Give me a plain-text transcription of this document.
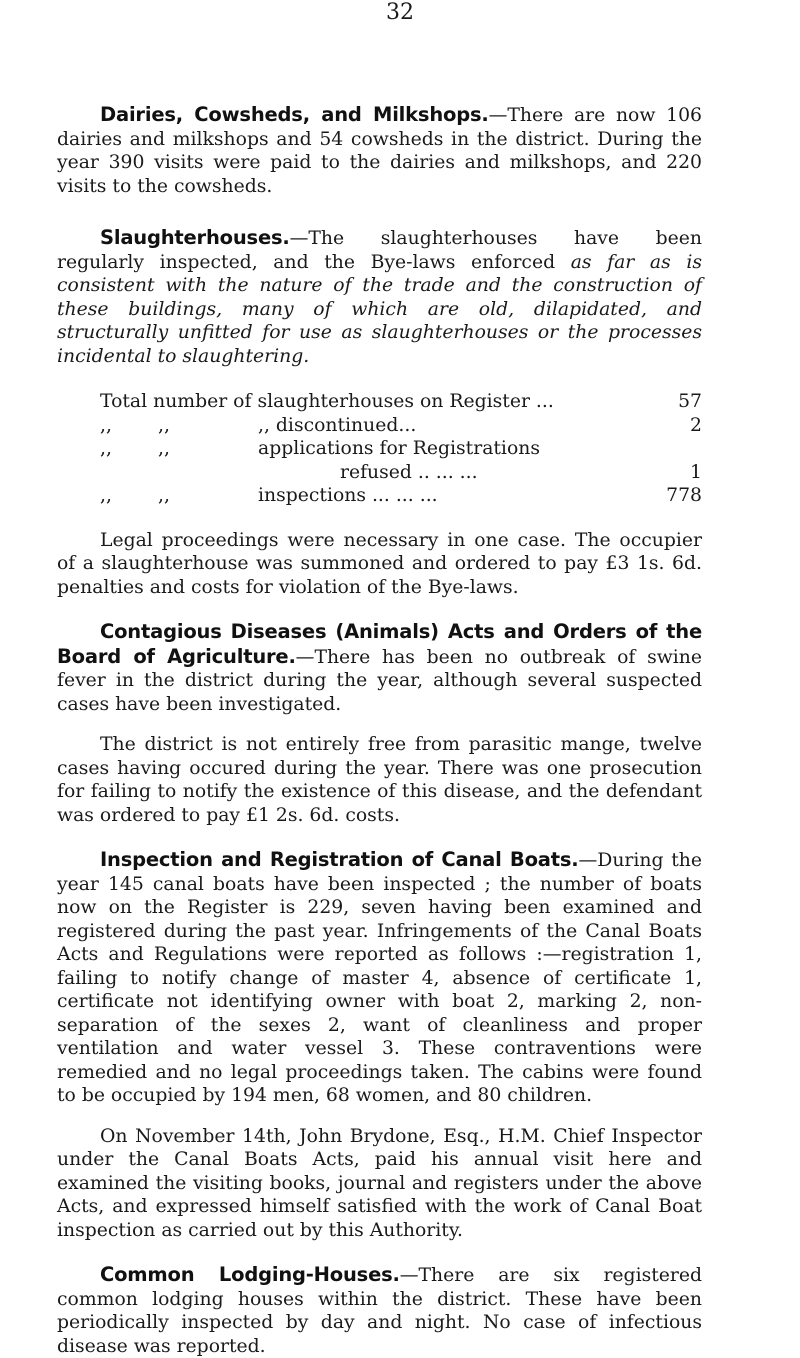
32

Dairies, Cowsheds, and Milkshops.—There are now 106 dairies and milkshops and 54 cowsheds in the district. During the year 390 visits were paid to the dairies and milkshops, and 220 visits to the cowsheds.

Slaughterhouses.—The slaughterhouses have been regularly inspected, and the Bye-laws enforced as far as is consistent with the nature of the trade and the construction of these buildings, many of which are old, dilapidated, and structurally unfitted for use as slaughterhouses or the processes incidental to slaughtering.

Total number of slaughterhouses on Register ...			57
,,	,,	,, discontinued...	2
,,	,,	applications for Registrations	
		refused .. ... ...	1
,,	,,	inspections ... ... ...	778

Legal proceedings were necessary in one case. The occupier of a slaughterhouse was summoned and ordered to pay £3 1s. 6d. penalties and costs for violation of the Bye-laws.

Contagious Diseases (Animals) Acts and Orders of the Board of Agriculture.—There has been no outbreak of swine fever in the district during the year, although several suspected cases have been investigated.

The district is not entirely free from parasitic mange, twelve cases having occured during the year. There was one prosecution for failing to notify the existence of this disease, and the defendant was ordered to pay £1 2s. 6d. costs.

Inspection and Registration of Canal Boats.—During the year 145 canal boats have been inspected ; the number of boats now on the Register is 229, seven having been examined and registered during the past year. Infringements of the Canal Boats Acts and Regulations were reported as follows :—registration 1, failing to notify change of master 4, absence of certificate 1, certificate not identifying owner with boat 2, marking 2, non-separation of the sexes 2, want of cleanliness and proper ventilation and water vessel 3. These contraventions were remedied and no legal proceedings taken. The cabins were found to be occupied by 194 men, 68 women, and 80 children.

On November 14th, John Brydone, Esq., H.M. Chief Inspector under the Canal Boats Acts, paid his annual visit here and examined the visiting books, journal and registers under the above Acts, and expressed himself satisfied with the work of Canal Boat inspection as carried out by this Authority.

Common Lodging-Houses.—There are six registered common lodging houses within the district. These have been periodically inspected by day and night. No case of infectious disease was reported.
